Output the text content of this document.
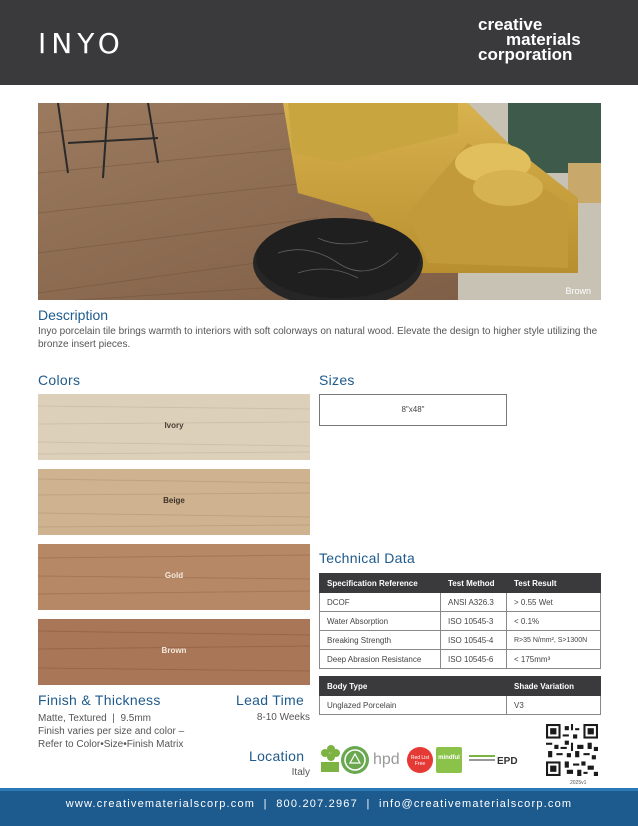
INYO
creative
materials
corporation
Brown
Description
Inyo porcelain tile brings warmth to interiors with soft colorways on natural wood. Elevate the design to higher style utilizing the bronze insert pieces.
Colors
Ivory
Beige
Gold
Brown
Sizes
8"x48"
Technical Data
Specification Reference	Test Method	Test Result
DCOF	ANSI A326.3	> 0.55 Wet
Water Absorption	ISO 10545-3	< 0.1%
Breaking Strength	ISO 10545-4	R>35 N/mm², S>1300N
Deep Abrasion Resistance	ISO 10545-6	< 175mm³
Body Type	Shade Variation
Unglazed Porcelain	V3
Finish & Thickness
Matte, Textured  |  9.5mm
Finish varies per size and color –
Refer to Color•Size•Finish Matrix
Lead Time
8-10 Weeks
Location
Italy
hpd Red List
Free
mindful	EPD
2025v1
www.creativematerialscorp.com  |  800.207.2967  |  info@creativematerialscorp.com
